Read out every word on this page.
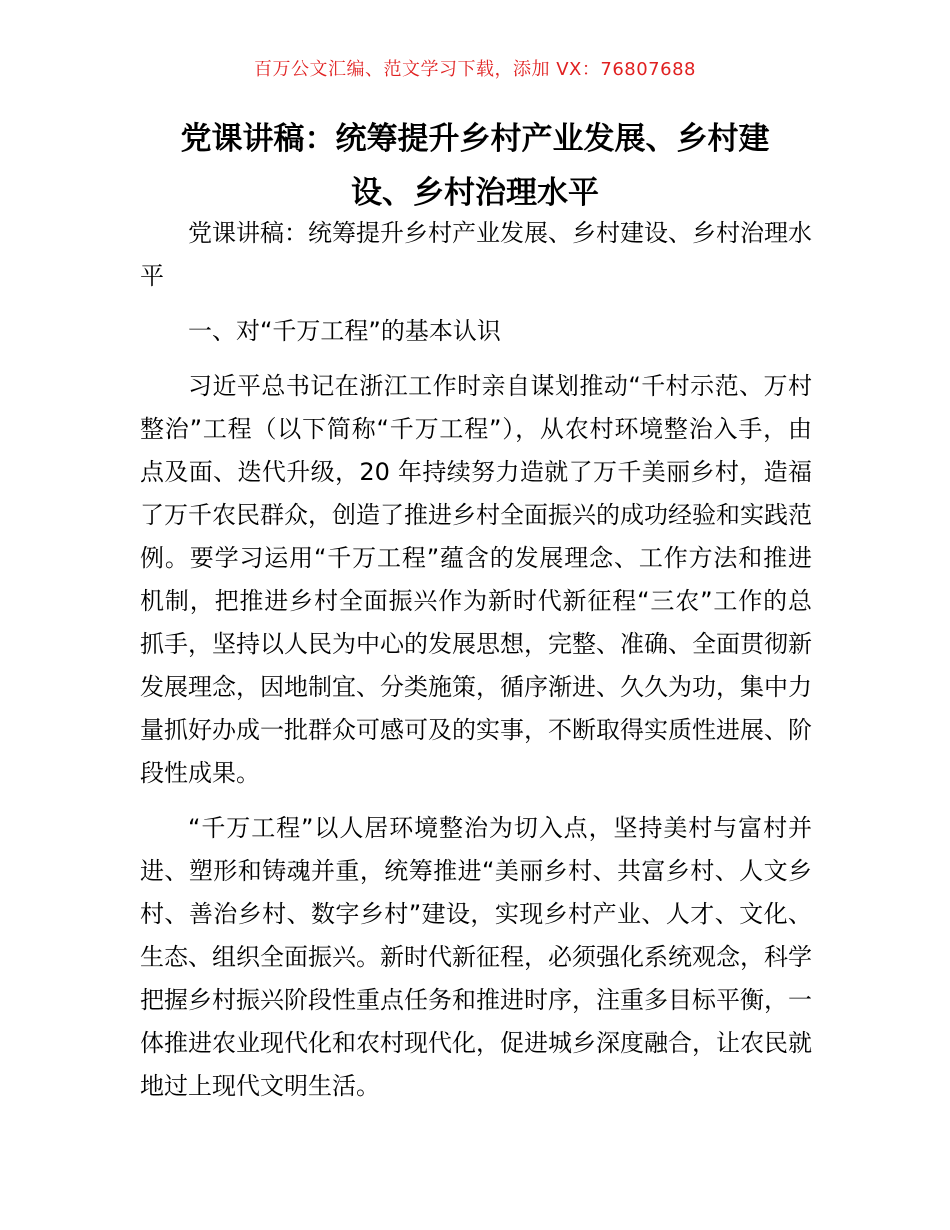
百万公文汇编、范文学习下载，添加 VX：76807688
党课讲稿：统筹提升乡村产业发展、乡村建设、乡村治理水平

党课讲稿：统筹提升乡村产业发展、乡村建设、乡村治理水平

一、对“千万工程”的基本认识

习近平总书记在浙江工作时亲自谋划推动“千村示范、万村整治”工程（以下简称“千万工程”），从农村环境整治入手，由点及面、迭代升级，20 年持续努力造就了万千美丽乡村，造福了万千农民群众，创造了推进乡村全面振兴的成功经验和实践范例。要学习运用“千万工程”蕴含的发展理念、工作方法和推进机制，把推进乡村全面振兴作为新时代新征程“三农”工作的总抓手，坚持以人民为中心的发展思想，完整、准确、全面贯彻新发展理念，因地制宜、分类施策，循序渐进、久久为功，集中力量抓好办成一批群众可感可及的实事，不断取得实质性进展、阶段性成果。

“千万工程”以人居环境整治为切入点，坚持美村与富村并进、塑形和铸魂并重，统筹推进“美丽乡村、共富乡村、人文乡村、善治乡村、数字乡村”建设，实现乡村产业、人才、文化、生态、组织全面振兴。新时代新征程，必须强化系统观念，科学把握乡村振兴阶段性重点任务和推进时序，注重多目标平衡，一体推进农业现代化和农村现代化，促进城乡深度融合，让农民就地过上现代文明生活。
